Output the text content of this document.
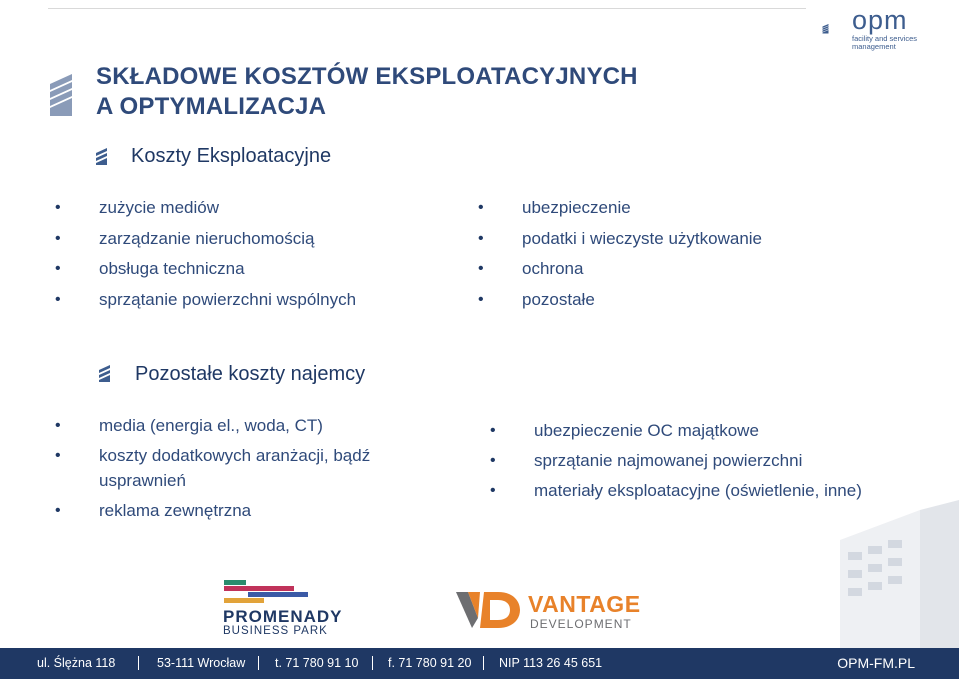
opm
facility and services management
SKŁADOWE KOSZTÓW EKSPLOATACYJNYCH
A OPTYMALIZACJA
Koszty Eksploatacyjne
• zużycie mediów
• zarządzanie nieruchomością
• obsługa techniczna
• sprzątanie powierzchni wspólnych
• ubezpieczenie
• podatki i wieczyste użytkowanie
• ochrona
• pozostałe
Pozostałe koszty najemcy
• media (energia el., woda, CT)
• koszty dodatkowych aranżacji, bądź usprawnień
• reklama zewnętrzna
• ubezpieczenie OC majątkowe
• sprzątanie najmowanej powierzchni
• materiały eksploatacyjne (oświetlenie, inne)
PROMENADY
BUSINESS PARK
VANTAGE
DEVELOPMENT
ul. Ślężna 118	53-111 Wrocław t. 71 780 91 10 f. 71 780 91 20 NIP 113 26 45 651	OPM-FM.PL
